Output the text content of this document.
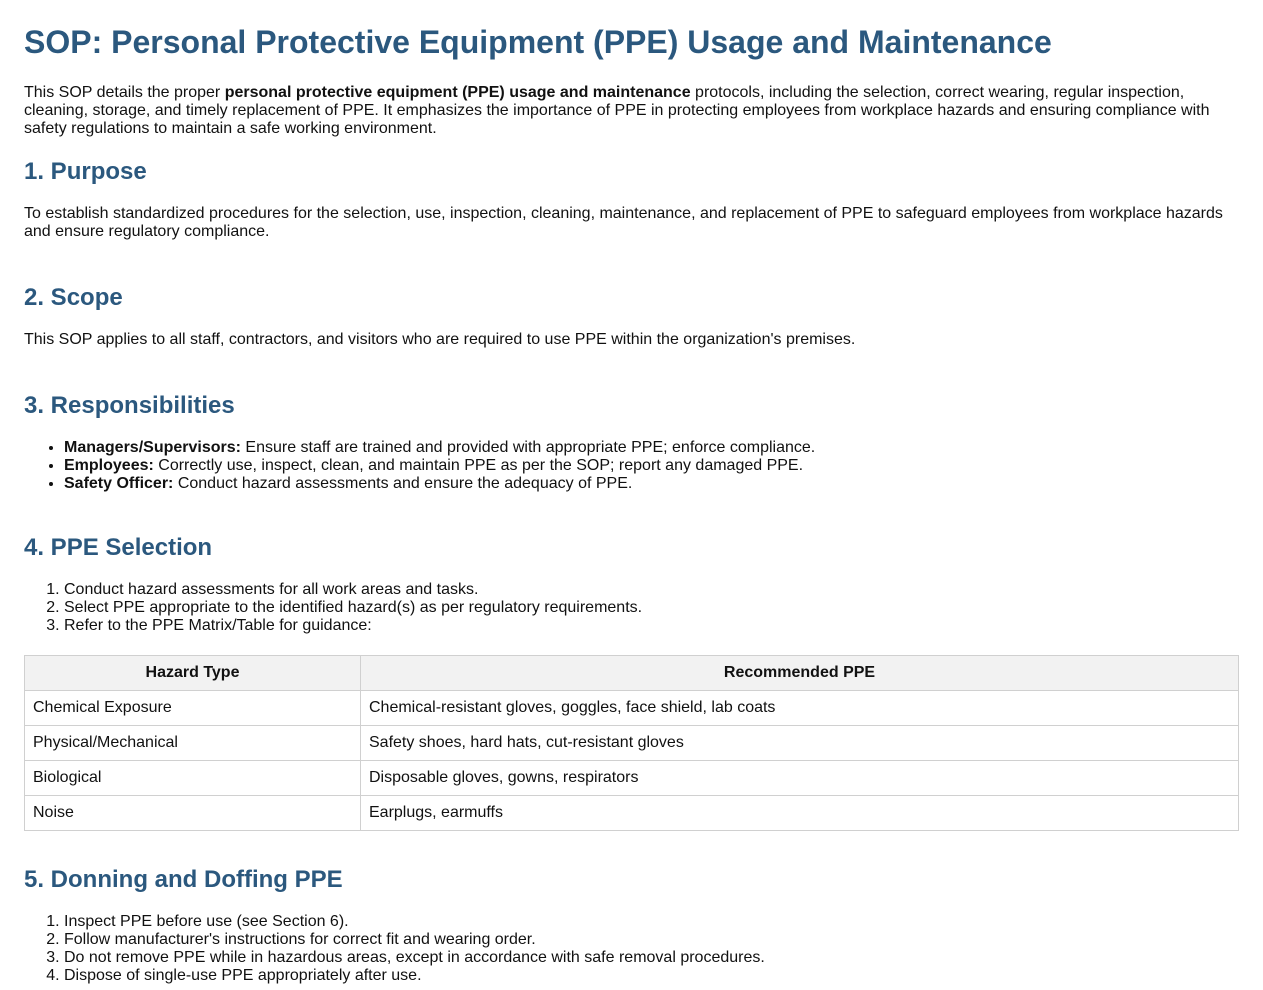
SOP: Personal Protective Equipment (PPE) Usage and Maintenance

This SOP details the proper personal protective equipment (PPE) usage and maintenance protocols, including the selection, correct wearing, regular inspection, cleaning, storage, and timely replacement of PPE. It emphasizes the importance of PPE in protecting employees from workplace hazards and ensuring compliance with safety regulations to maintain a safe working environment.

1. Purpose

To establish standardized procedures for the selection, use, inspection, cleaning, maintenance, and replacement of PPE to safeguard employees from workplace hazards and ensure regulatory compliance.

2. Scope

This SOP applies to all staff, contractors, and visitors who are required to use PPE within the organization's premises.

3. Responsibilities
• Managers/Supervisors: Ensure staff are trained and provided with appropriate PPE; enforce compliance.
• Employees: Correctly use, inspect, clean, and maintain PPE as per the SOP; report any damaged PPE.
• Safety Officer: Conduct hazard assessments and ensure the adequacy of PPE.
4. PPE Selection
1. Conduct hazard assessments for all work areas and tasks.
2. Select PPE appropriate to the identified hazard(s) as per regulatory requirements.
3. Refer to the PPE Matrix/Table for guidance:
Hazard Type	Recommended PPE
Chemical Exposure	Chemical-resistant gloves, goggles, face shield, lab coats
Physical/Mechanical	Safety shoes, hard hats, cut-resistant gloves
Biological	Disposable gloves, gowns, respirators
Noise	Earplugs, earmuffs
5. Donning and Doffing PPE
1. Inspect PPE before use (see Section 6).
2. Follow manufacturer's instructions for correct fit and wearing order.
3. Do not remove PPE while in hazardous areas, except in accordance with safe removal procedures.
4. Dispose of single-use PPE appropriately after use.
